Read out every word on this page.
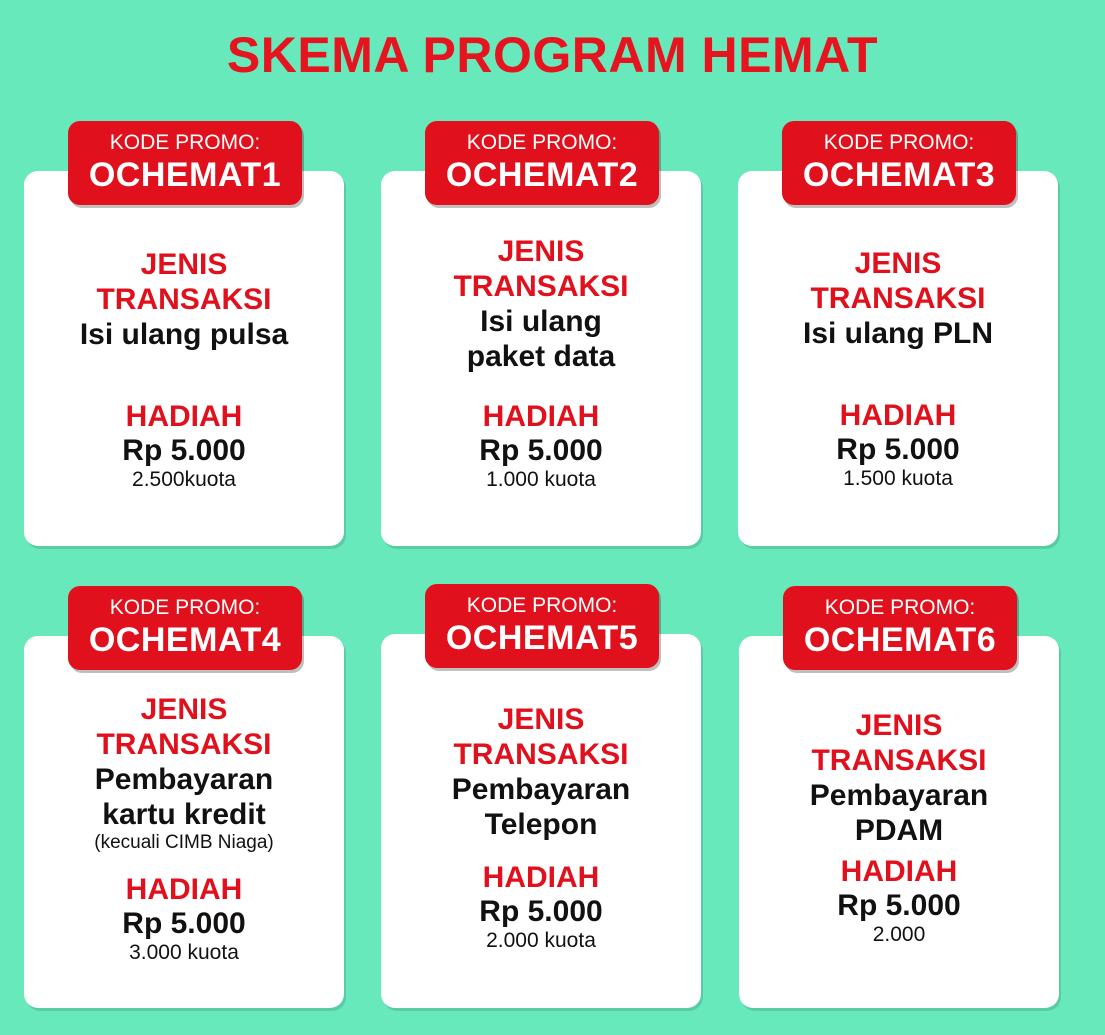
SKEMA PROGRAM HEMAT
KODE PROMO:
OCHEMAT1
JENIS TRANSAKSI
Isi ulang pulsa
HADIAH
Rp 5.000
2.500kuota
KODE PROMO:
OCHEMAT2
JENIS TRANSAKSI
Isi ulang paket data
HADIAH
Rp 5.000
1.000 kuota
KODE PROMO:
OCHEMAT3
JENIS TRANSAKSI
Isi ulang PLN
HADIAH
Rp 5.000
1.500 kuota
KODE PROMO:
OCHEMAT4
JENIS TRANSAKSI
Pembayaran kartu kredit
(kecuali CIMB Niaga)
HADIAH
Rp 5.000
3.000 kuota
KODE PROMO:
OCHEMAT5
JENIS TRANSAKSI
Pembayaran Telepon
HADIAH
Rp 5.000
2.000 kuota
KODE PROMO:
OCHEMAT6
JENIS TRANSAKSI
Pembayaran PDAM
HADIAH
Rp 5.000
2.000
